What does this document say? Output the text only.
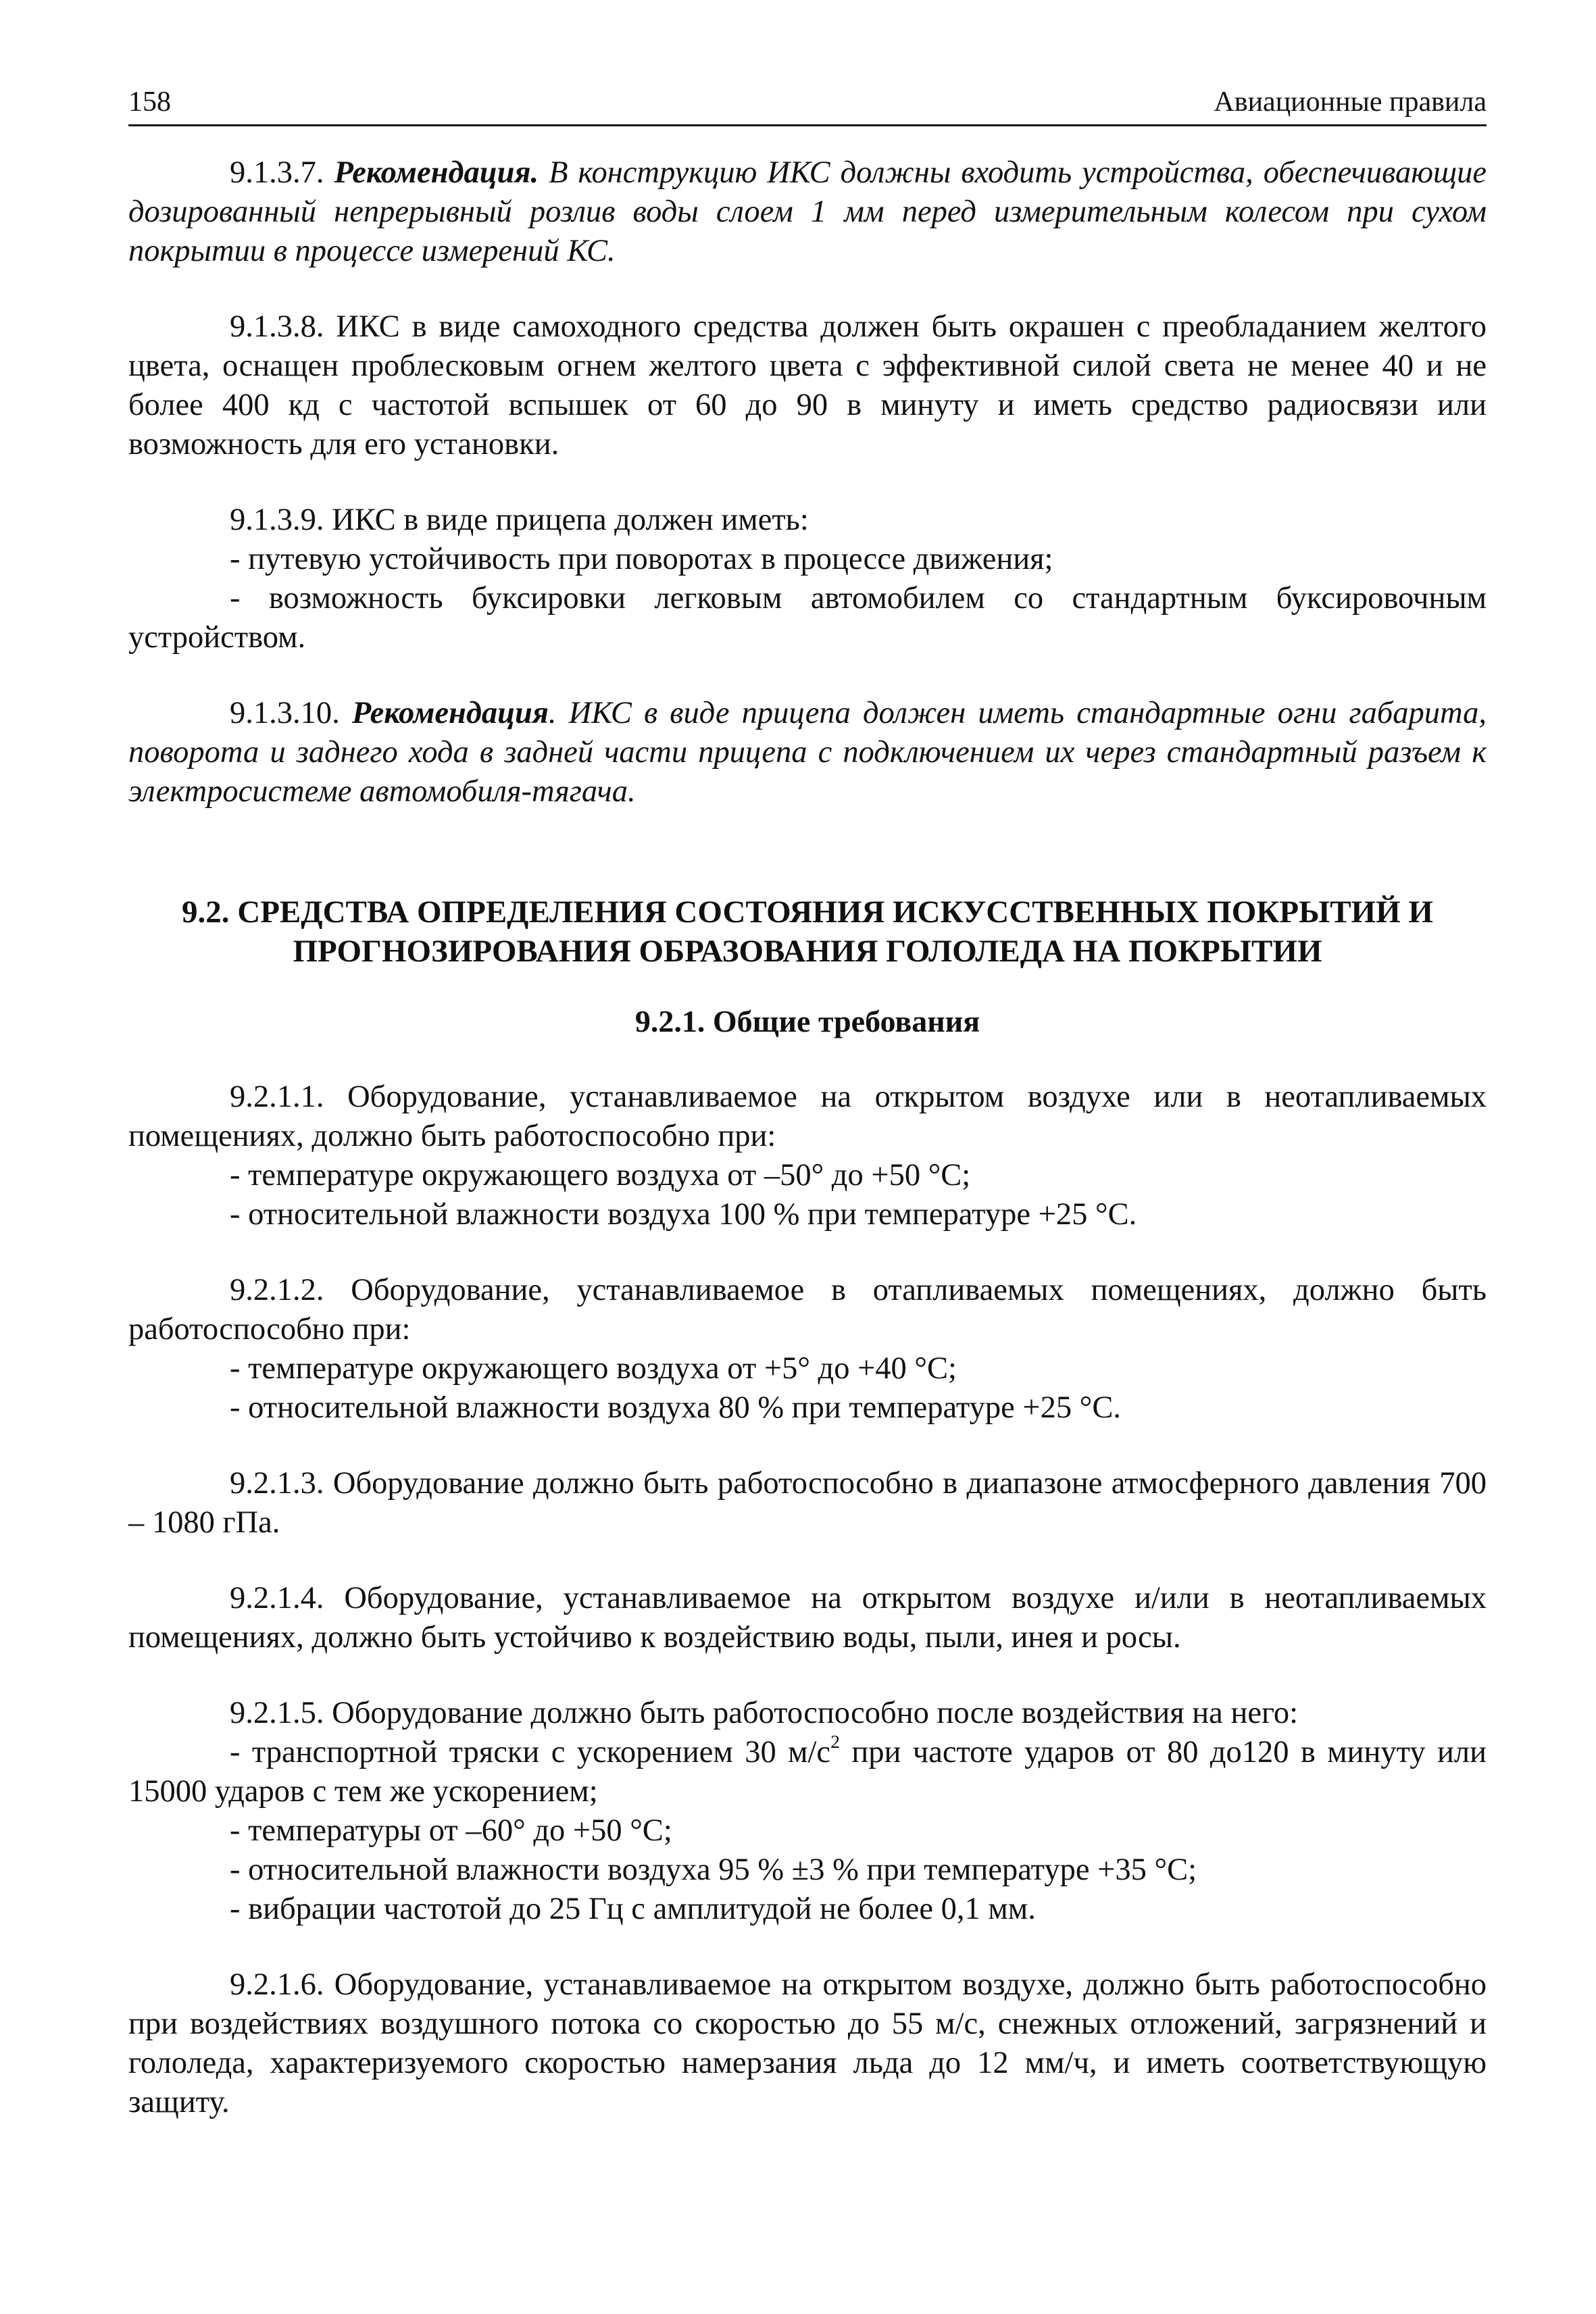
158	Авиационные правила

9.1.3.7. Рекомендация. В конструкцию ИКС должны входить устройства, обеспечивающие дозированный непрерывный розлив воды слоем 1 мм перед измерительным колесом при сухом покрытии в процессе измерений КС.

9.1.3.8. ИКС в виде самоходного средства должен быть окрашен с преобладанием желтого цвета, оснащен проблесковым огнем желтого цвета с эффективной силой света не менее 40 и не более 400 кд с частотой вспышек от 60 до 90 в минуту и иметь средство радиосвязи или возможность для его установки.

9.1.3.9. ИКС в виде прицепа должен иметь:

- путевую устойчивость при поворотах в процессе движения;

- возможность буксировки легковым автомобилем со стандартным буксировочным устройством.

9.1.3.10. Рекомендация. ИКС в виде прицепа должен иметь стандартные огни габарита, поворота и заднего хода в задней части прицепа с подключением их через стандартный разъем к электросистеме автомобиля-тягача.

9.2. СРЕДСТВА ОПРЕДЕЛЕНИЯ СОСТОЯНИЯ ИСКУССТВЕННЫХ ПОКРЫТИЙ И
ПРОГНОЗИРОВАНИЯ ОБРАЗОВАНИЯ ГОЛОЛЕДА НА ПОКРЫТИИ

9.2.1. Общие требования

9.2.1.1. Оборудование, устанавливаемое на открытом воздухе или в неотапливаемых помещениях, должно быть работоспособно при:

- температуре окружающего воздуха от –50° до +50 °С;

- относительной влажности воздуха 100 % при температуре +25 °С.

9.2.1.2. Оборудование, устанавливаемое в отапливаемых помещениях, должно быть работоспособно при:

- температуре окружающего воздуха от +5° до +40 °С;

- относительной влажности воздуха 80 % при температуре +25 °С.

9.2.1.3. Оборудование должно быть работоспособно в диапазоне атмосферного давления 700 – 1080 гПа.

9.2.1.4. Оборудование, устанавливаемое на открытом воздухе и/или в неотапливаемых помещениях, должно быть устойчиво к воздействию воды, пыли, инея и росы.

9.2.1.5. Оборудование должно быть работоспособно после воздействия на него:

- транспортной тряски с ускорением 30 $м/с^2$ при частоте ударов от 80 до120 в минуту или 15000 ударов с тем же ускорением;

- температуры от –60° до +50 °С;

- относительной влажности воздуха 95 % ±3 % при температуре +35 °С;

- вибрации частотой до 25 Гц с амплитудой не более 0,1 мм.

9.2.1.6. Оборудование, устанавливаемое на открытом воздухе, должно быть работоспособно при воздействиях воздушного потока со скоростью до 55 м/с, снежных отложений, загрязнений и гололеда, характеризуемого скоростью намерзания льда до 12 мм/ч, и иметь соответствующую защиту.
